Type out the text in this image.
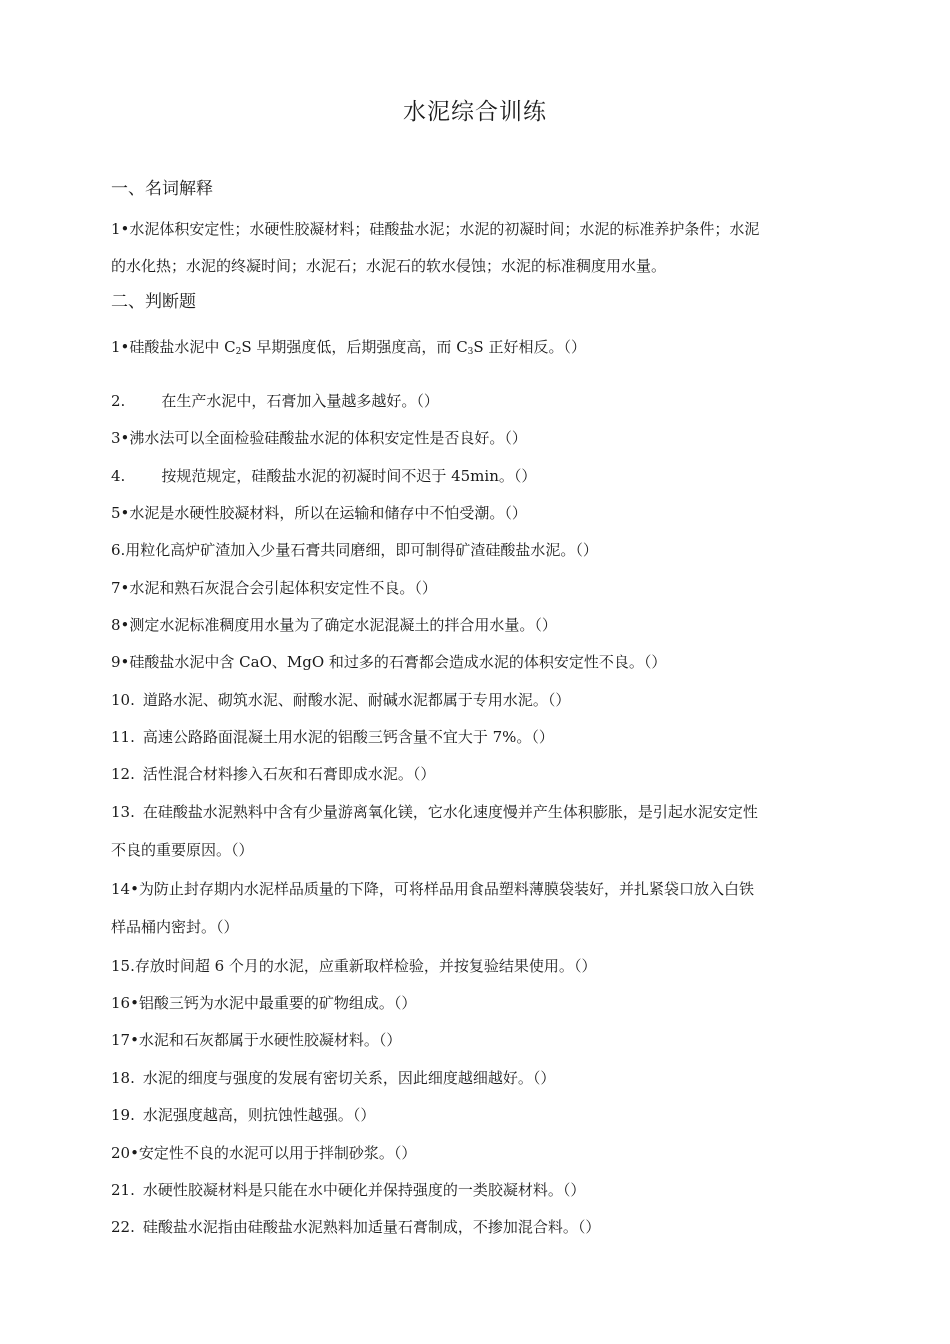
水泥综合训练
一、名词解释
1•水泥体积安定性；水硬性胶凝材料；硅酸盐水泥；水泥的初凝时间；水泥的标准养护条件；水泥
的水化热；水泥的终凝时间；水泥石；水泥石的软水侵蚀；水泥的标准稠度用水量。
二、判断题
1•硅酸盐水泥中 $C_2S$ 早期强度低，后期强度高，而 $C_3S$ 正好相反。（）
2. 在生产水泥中，石膏加入量越多越好。（）
3•沸水法可以全面检验硅酸盐水泥的体积安定性是否良好。（）
4. 按规范规定，硅酸盐水泥的初凝时间不迟于 45min。（）
5•水泥是水硬性胶凝材料，所以在运输和储存中不怕受潮。（）
6.用粒化高炉矿渣加入少量石膏共同磨细，即可制得矿渣硅酸盐水泥。（）
7•水泥和熟石灰混合会引起体积安定性不良。（）
8•测定水泥标准稠度用水量为了确定水泥混凝土的拌合用水量。（）
9•硅酸盐水泥中含 CaO、MgO 和过多的石膏都会造成水泥的体积安定性不良。（）
10. 道路水泥、砌筑水泥、耐酸水泥、耐碱水泥都属于专用水泥。（）
11. 高速公路路面混凝土用水泥的铝酸三钙含量不宜大于 7%。（）
12. 活性混合材料掺入石灰和石膏即成水泥。（）
13. 在硅酸盐水泥熟料中含有少量游离氧化镁，它水化速度慢并产生体积膨胀，是引起水泥安定性
不良的重要原因。（）
14•为防止封存期内水泥样品质量的下降，可将样品用食品塑料薄膜袋装好，并扎紧袋口放入白铁
样品桶内密封。（）
15.存放时间超 6 个月的水泥，应重新取样检验，并按复验结果使用。（）
16•铝酸三钙为水泥中最重要的矿物组成。（）
17•水泥和石灰都属于水硬性胶凝材料。（）
18. 水泥的细度与强度的发展有密切关系，因此细度越细越好。（）
19. 水泥强度越高，则抗蚀性越强。（）
20•安定性不良的水泥可以用于拌制砂浆。（）
21. 水硬性胶凝材料是只能在水中硬化并保持强度的一类胶凝材料。（）
22. 硅酸盐水泥指由硅酸盐水泥熟料加适量石膏制成，不掺加混合料。（）
